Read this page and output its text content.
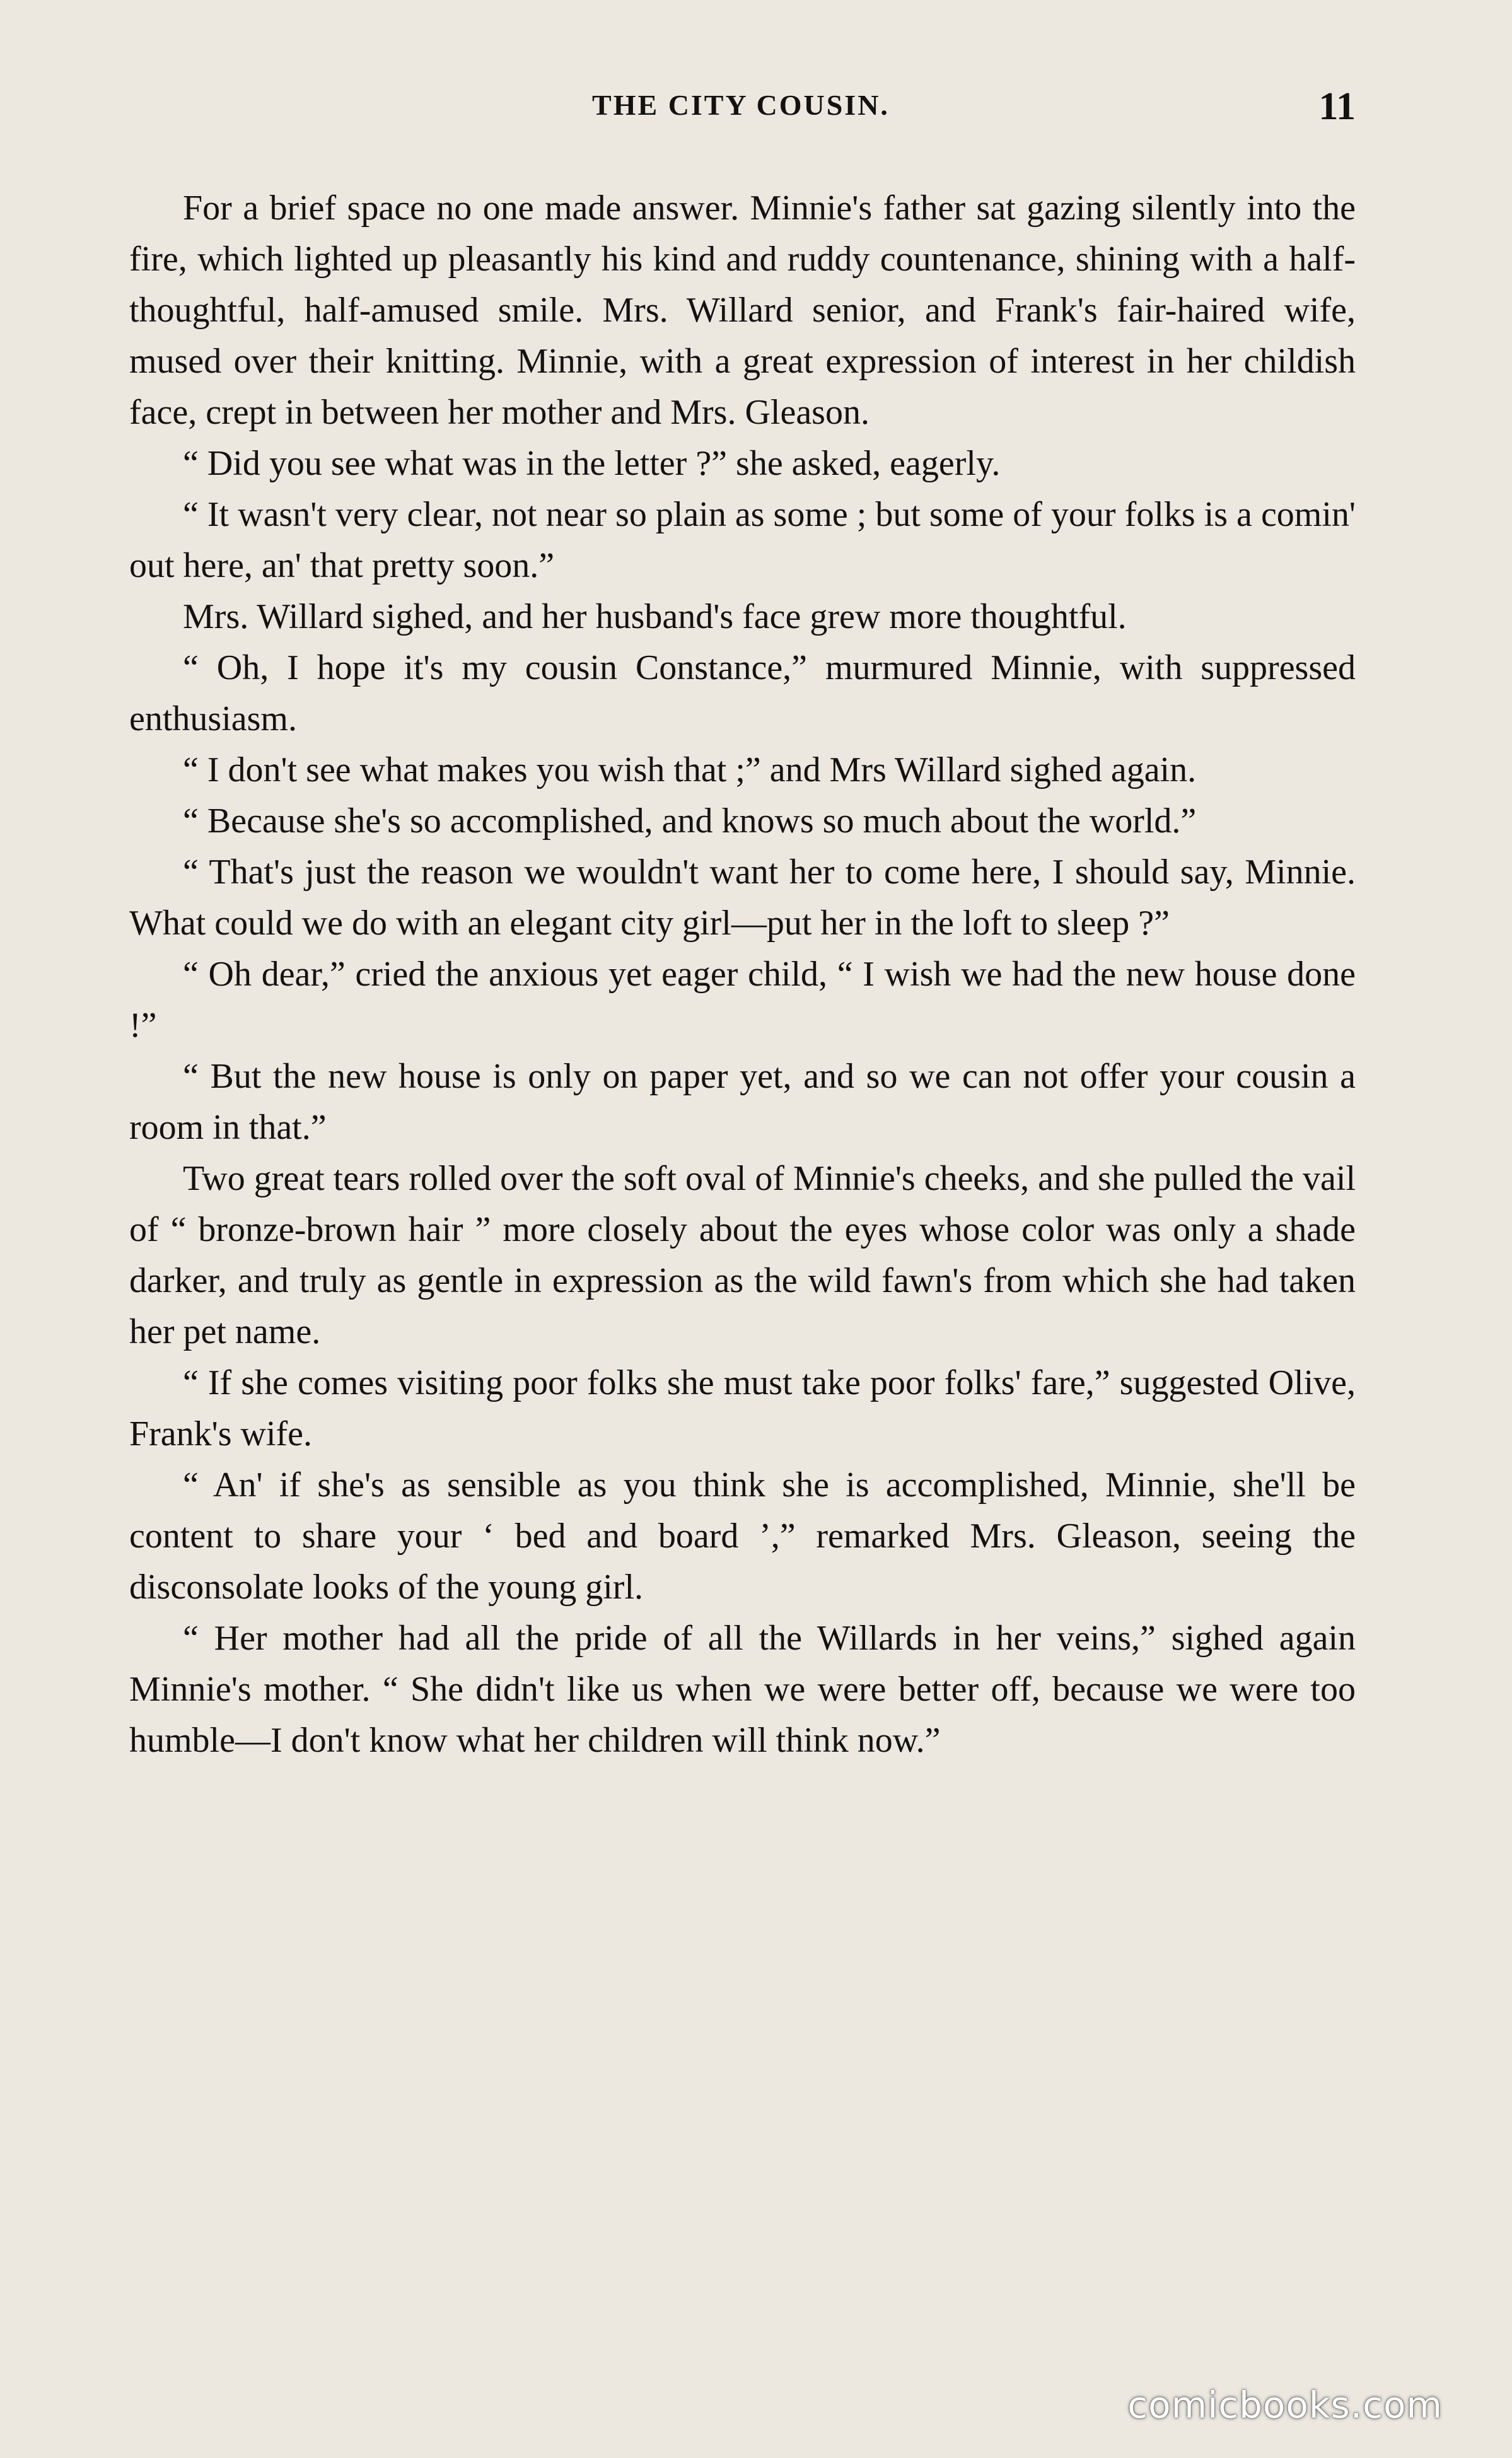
THE CITY COUSIN.	11

For a brief space no one made answer. Minnie's father sat gazing silently into the fire, which lighted up pleasantly his kind and ruddy countenance, shining with a half-thoughtful, half-amused smile. Mrs. Willard senior, and Frank's fair-haired wife, mused over their knitting. Minnie, with a great expression of interest in her childish face, crept in between her mother and Mrs. Gleason.

“ Did you see what was in the letter ?” she asked, eagerly.

“ It wasn't very clear, not near so plain as some ; but some of your folks is a comin' out here, an' that pretty soon.”

Mrs. Willard sighed, and her husband's face grew more thoughtful.

“ Oh, I hope it's my cousin Constance,” murmured Minnie, with suppressed enthusiasm.

“ I don't see what makes you wish that ;” and Mrs Willard sighed again.

“ Because she's so accomplished, and knows so much about the world.”

“ That's just the reason we wouldn't want her to come here, I should say, Minnie. What could we do with an elegant city girl—put her in the loft to sleep ?”

“ Oh dear,” cried the anxious yet eager child, “ I wish we had the new house done !”

“ But the new house is only on paper yet, and so we can not offer your cousin a room in that.”

Two great tears rolled over the soft oval of Minnie's cheeks, and she pulled the vail of “ bronze-brown hair ” more closely about the eyes whose color was only a shade darker, and truly as gentle in expression as the wild fawn's from which she had taken her pet name.

“ If she comes visiting poor folks she must take poor folks' fare,” suggested Olive, Frank's wife.

“ An' if she's as sensible as you think she is accomplished, Minnie, she'll be content to share your ‘ bed and board ’,” remarked Mrs. Gleason, seeing the disconsolate looks of the young girl.

“ Her mother had all the pride of all the Willards in her veins,” sighed again Minnie's mother. “ She didn't like us when we were better off, because we were too humble—I don't know what her children will think now.”

comicbooks.com
